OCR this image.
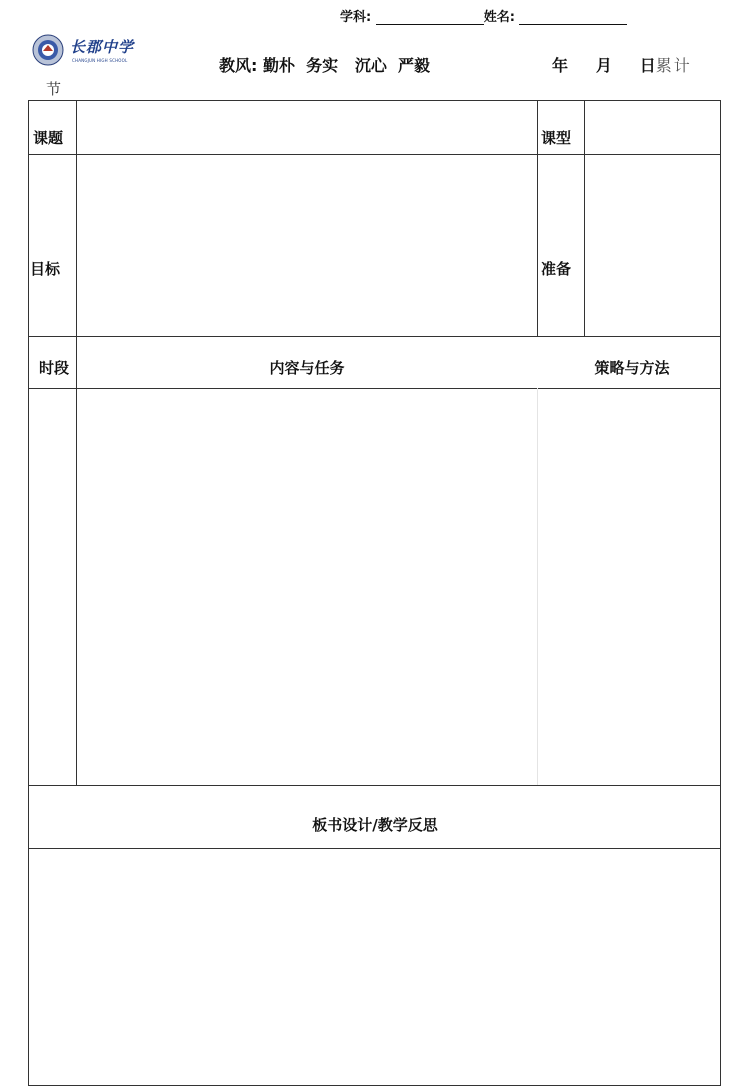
学科:	姓名:
长郡中学
CHANGJUN HIGH SCHOOL	教风: 勤朴  务实   沉心  严毅	年     月     日累计
节
课题	课型
目标	准备
时段	内容与任务	策略与方法
板书设计/教学反思
